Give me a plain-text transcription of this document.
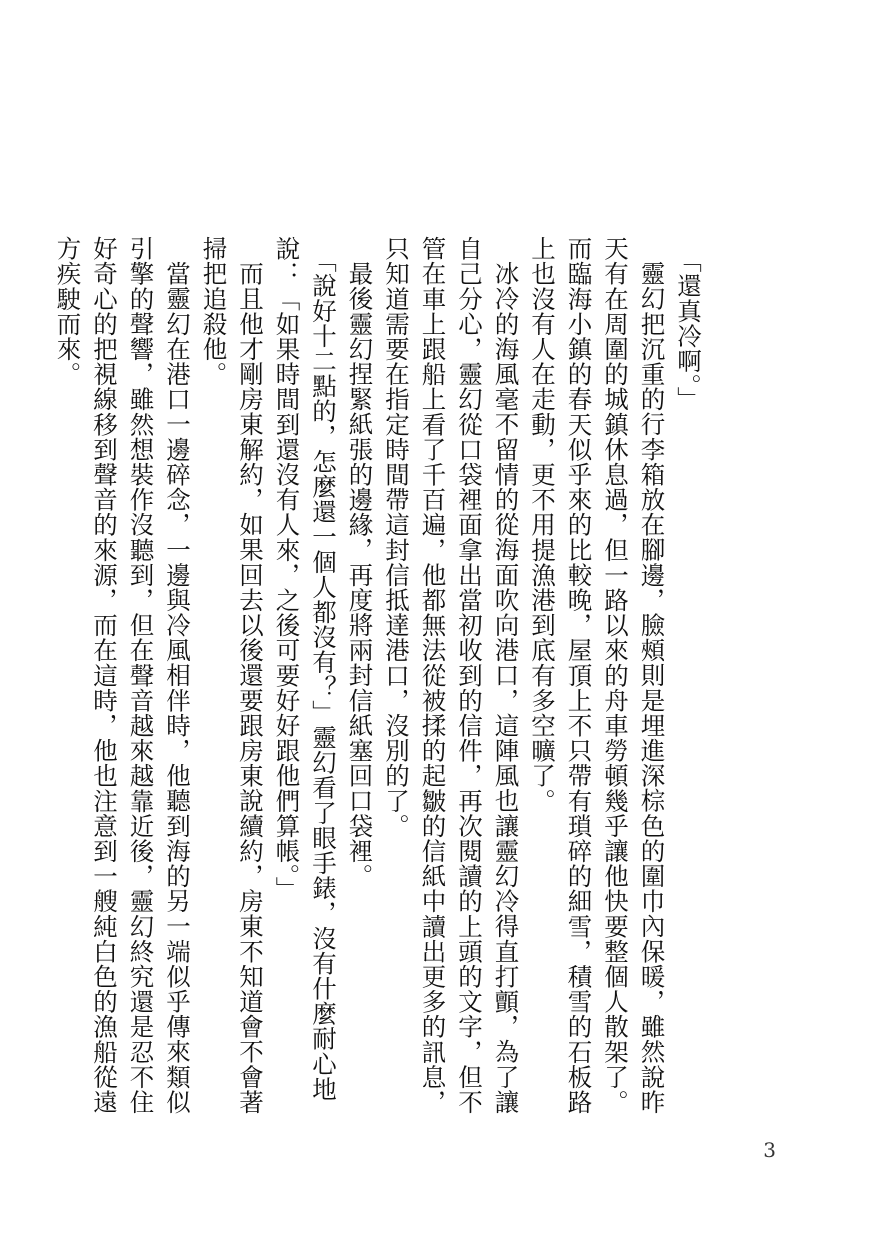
「還真冷啊。」

靈幻把沉重的行李箱放在腳邊，臉頰則是埋進深棕色的圍巾內保暖，雖然說昨天有在周圍的城鎮休息過，但一路以來的舟車勞頓幾乎讓他快要整個人散架了。而臨海小鎮的春天似乎來的比較晚，屋頂上不只帶有瑣碎的細雪，積雪的石板路上也沒有人在走動，更不用提漁港到底有多空曠了。

冰冷的海風毫不留情的從海面吹向港口，這陣風也讓靈幻冷得直打顫，為了讓自己分心，靈幻從口袋裡面拿出當初收到的信件，再次閱讀的上頭的文字，但不管在車上跟船上看了千百遍，他都無法從被揉的起皺的信紙中讀出更多的訊息，只知道需要在指定時間帶這封信抵達港口，沒別的了。

最後靈幻捏緊紙張的邊緣，再度將兩封信紙塞回口袋裡。

「說好十二點的，怎麼還一個人都沒有？」靈幻看了眼手錶，沒有什麼耐心地說：「如果時間到還沒有人來，之後可要好好跟他們算帳。」

而且他才剛房東解約，如果回去以後還要跟房東說續約，房東不知道會不會著掃把追殺他。

當靈幻在港口一邊碎念，一邊與冷風相伴時，他聽到海的另一端似乎傳來類似引擎的聲響，雖然想裝作沒聽到，但在聲音越來越靠近後，靈幻終究還是忍不住好奇心的把視線移到聲音的來源，而在這時，他也注意到一艘純白色的漁船從遠方疾駛而來。

3
